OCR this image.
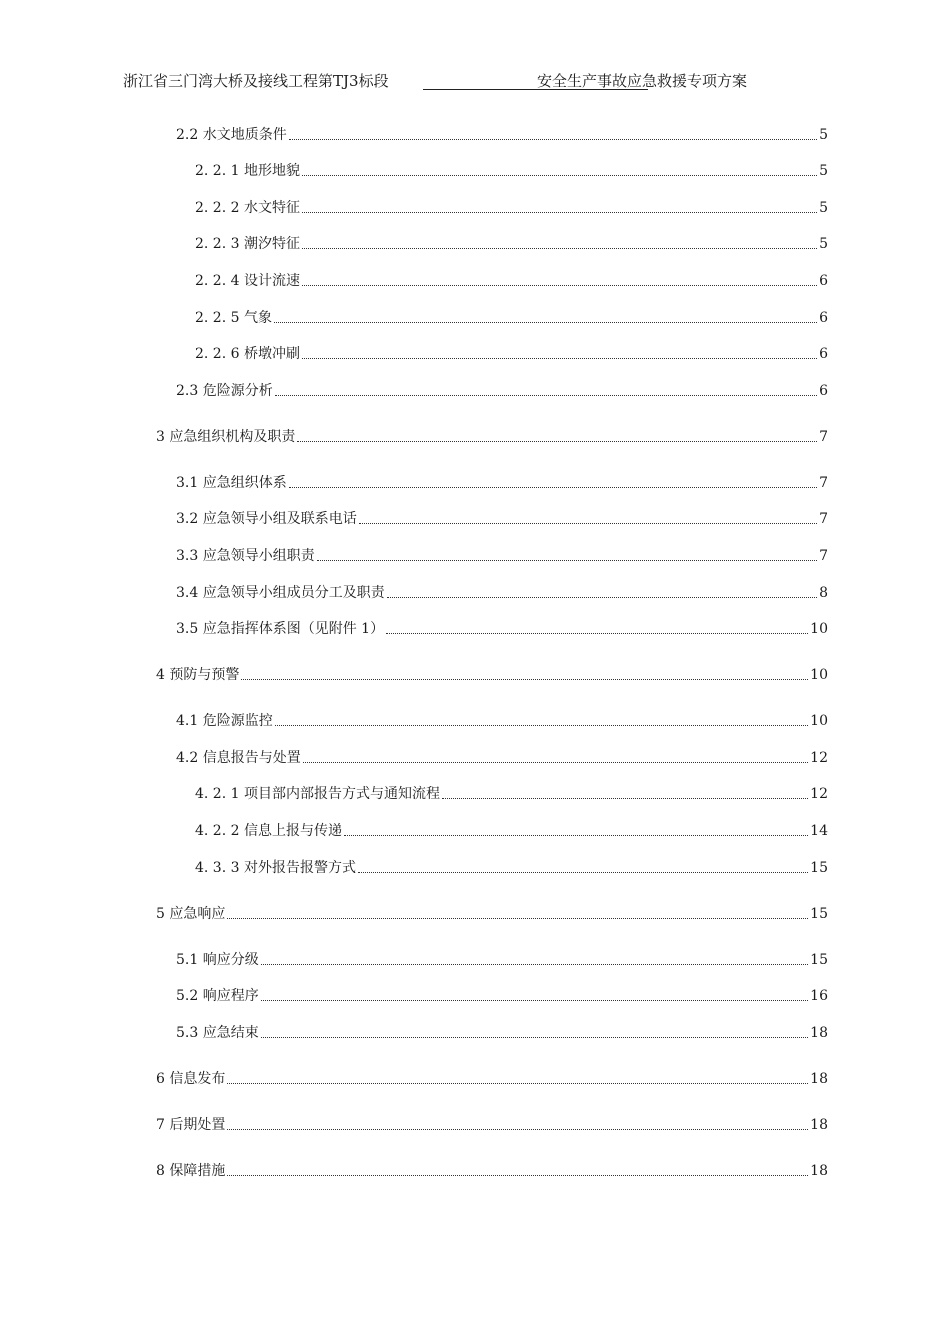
浙江省三门湾大桥及接线工程第TJ3标段	安全生产事故应急救援专项方案
2.2 水文地质条件	5
2. 2. 1 地形地貌	5
2. 2. 2 水文特征	5
2. 2. 3 潮汐特征	5
2. 2. 4 设计流速	6
2. 2. 5 气象	6
2. 2. 6 桥墩冲刷	6
2.3 危险源分析	6
3 应急组织机构及职责	7
3.1 应急组织体系	7
3.2 应急领导小组及联系电话	7
3.3 应急领导小组职责	7
3.4 应急领导小组成员分工及职责	8
3.5 应急指挥体系图（见附件 1）	10
4 预防与预警	10
4.1 危险源监控	10
4.2 信息报告与处置	12
4. 2. 1 项目部内部报告方式与通知流程	12
4. 2. 2 信息上报与传递	14
4. 3. 3 对外报告报警方式	15
5 应急响应	15
5.1 响应分级	15
5.2 响应程序	16
5.3 应急结束	18
6 信息发布	18
7 后期处置	18
8 保障措施	18
